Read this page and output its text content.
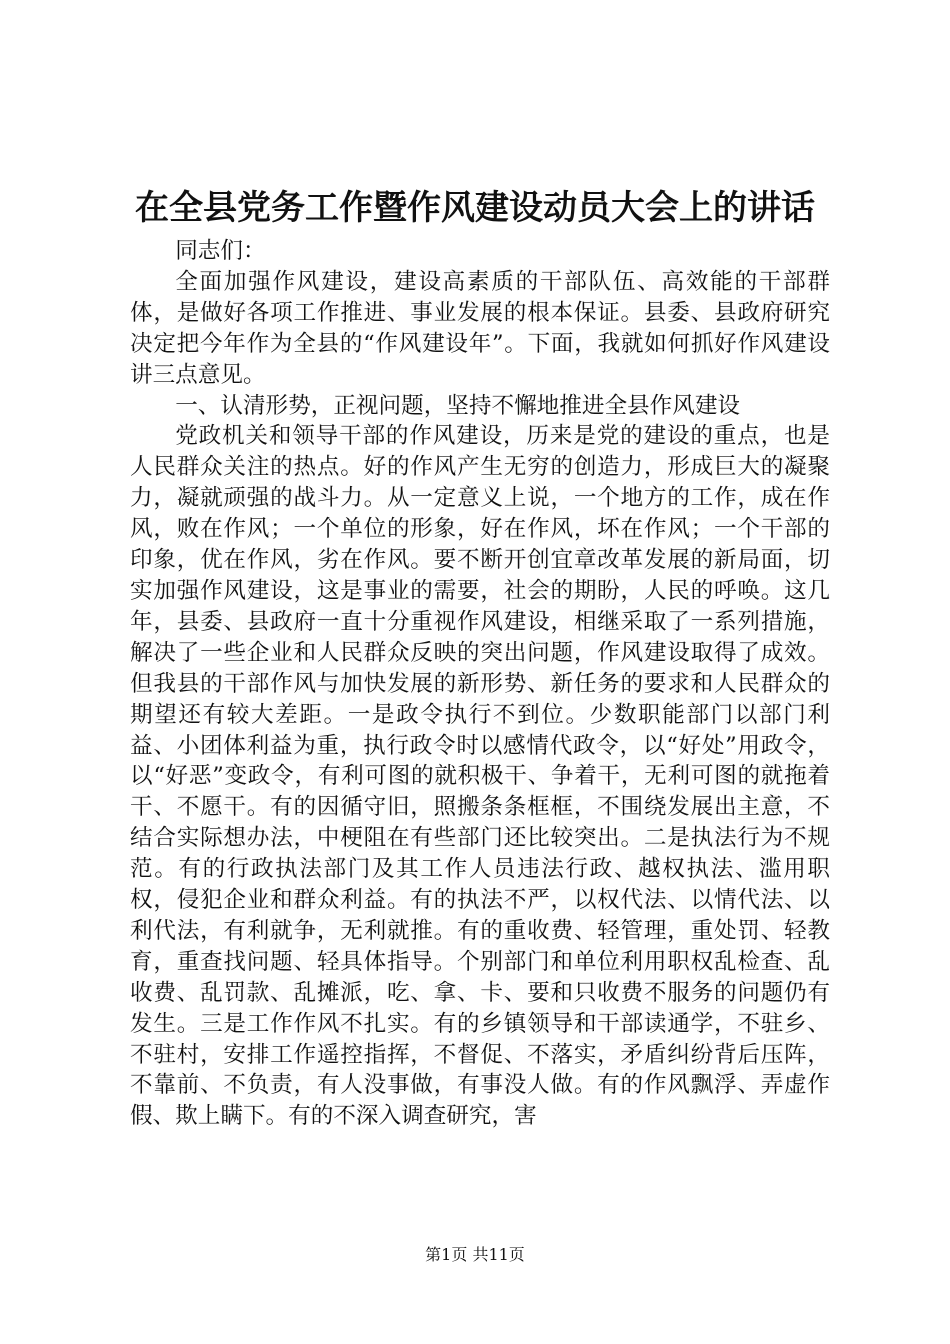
在全县党务工作暨作风建设动员大会上的讲话

同志们：

全面加强作风建设，建设高素质的干部队伍、高效能的干部群体，是做好各项工作推进、事业发展的根本保证。县委、县政府研究决定把今年作为全县的“作风建设年”。下面，我就如何抓好作风建设讲三点意见。

一、认清形势，正视问题，坚持不懈地推进全县作风建设

党政机关和领导干部的作风建设，历来是党的建设的重点，也是人民群众关注的热点。好的作风产生无穷的创造力，形成巨大的凝聚力，凝就顽强的战斗力。从一定意义上说，一个地方的工作，成在作风，败在作风；一个单位的形象，好在作风，坏在作风；一个干部的印象，优在作风，劣在作风。要不断开创宜章改革发展的新局面，切实加强作风建设，这是事业的需要，社会的期盼，人民的呼唤。这几年，县委、县政府一直十分重视作风建设，相继采取了一系列措施，解决了一些企业和人民群众反映的突出问题，作风建设取得了成效。但我县的干部作风与加快发展的新形势、新任务的要求和人民群众的期望还有较大差距。一是政令执行不到位。少数职能部门以部门利益、小团体利益为重，执行政令时以感情代政令，以“好处”用政令，以“好恶”变政令，有利可图的就积极干、争着干，无利可图的就拖着干、不愿干。有的因循守旧，照搬条条框框，不围绕发展出主意，不结合实际想办法，中梗阻在有些部门还比较突出。二是执法行为不规范。有的行政执法部门及其工作人员违法行政、越权执法、滥用职权，侵犯企业和群众利益。有的执法不严，以权代法、以情代法、以利代法，有利就争，无利就推。有的重收费、轻管理，重处罚、轻教育，重查找问题、轻具体指导。个别部门和单位利用职权乱检查、乱收费、乱罚款、乱摊派，吃、拿、卡、要和只收费不服务的问题仍有发生。三是工作作风不扎实。有的乡镇领导和干部读通学，不驻乡、不驻村，安排工作遥控指挥，不督促、不落实，矛盾纠纷背后压阵，不靠前、不负责，有人没事做，有事没人做。有的作风飘浮、弄虚作假、欺上瞒下。有的不深入调查研究，害

第1页 共11页
